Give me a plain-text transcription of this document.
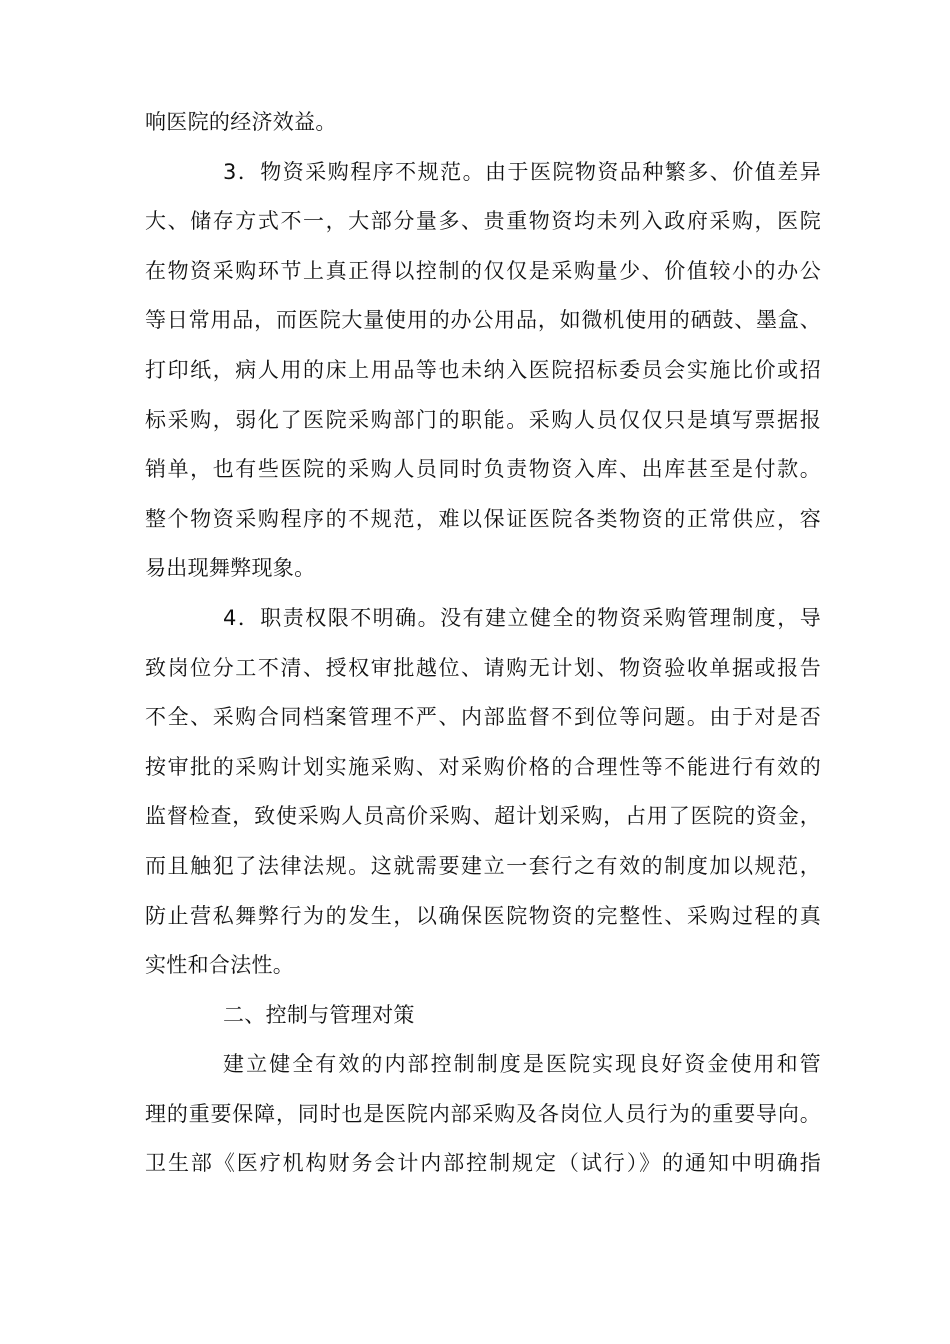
响医院的经济效益。

3．物资采购程序不规范。由于医院物资品种繁多、价值差异
大、储存方式不一，大部分量多、贵重物资均未列入政府采购，医院
在物资采购环节上真正得以控制的仅仅是采购量少、价值较小的办公
等日常用品，而医院大量使用的办公用品，如微机使用的硒鼓、墨盒、
打印纸，病人用的床上用品等也未纳入医院招标委员会实施比价或招
标采购，弱化了医院采购部门的职能。采购人员仅仅只是填写票据报
销单，也有些医院的采购人员同时负责物资入库、出库甚至是付款。
整个物资采购程序的不规范，难以保证医院各类物资的正常供应，容
易出现舞弊现象。

4．职责权限不明确。没有建立健全的物资采购管理制度，导
致岗位分工不清、授权审批越位、请购无计划、物资验收单据或报告
不全、采购合同档案管理不严、内部监督不到位等问题。由于对是否
按审批的采购计划实施采购、对采购价格的合理性等不能进行有效的
监督检查，致使采购人员高价采购、超计划采购，占用了医院的资金，
而且触犯了法律法规。这就需要建立一套行之有效的制度加以规范，
防止营私舞弊行为的发生，以确保医院物资的完整性、采购过程的真
实性和合法性。

二、控制与管理对策

建立健全有效的内部控制制度是医院实现良好资金使用和管
理的重要保障，同时也是医院内部采购及各岗位人员行为的重要导向。
卫生部《医疗机构财务会计内部控制规定（试行）》的通知中明确指
